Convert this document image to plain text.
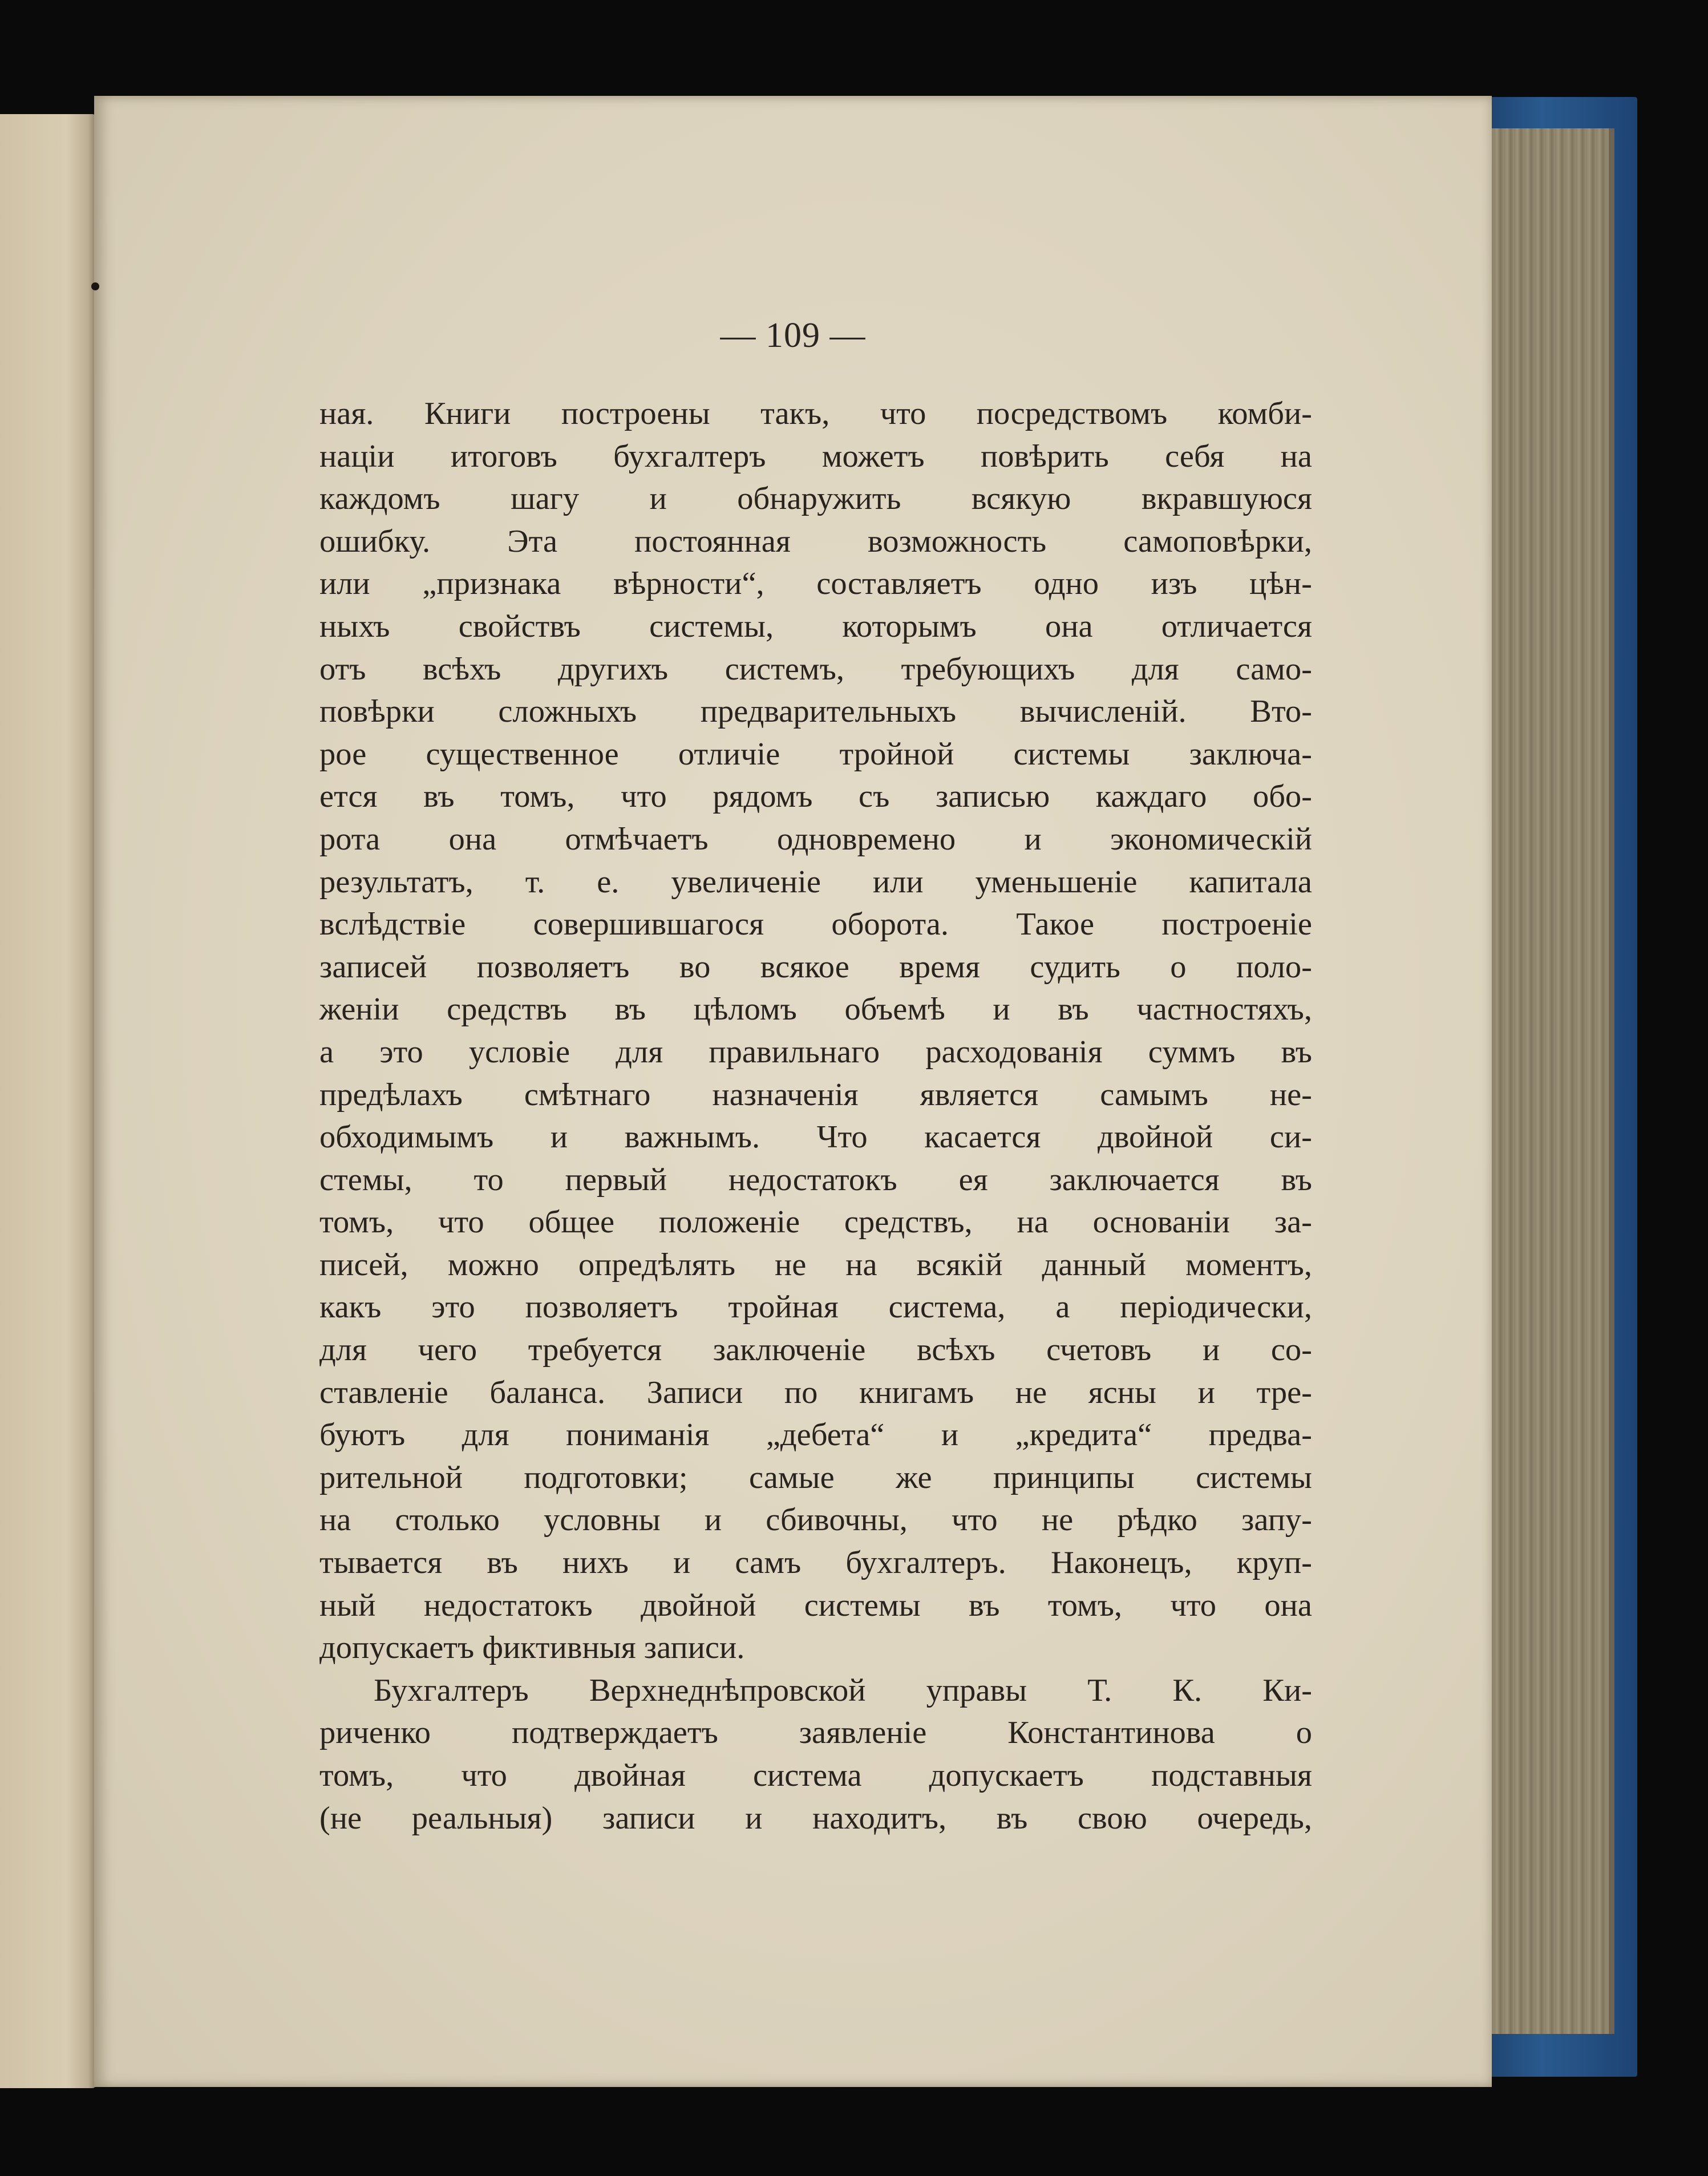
— 109 —
ная. Книги построены такъ, что посредствомъ комби-
націи итоговъ бухгалтеръ можетъ повѣрить себя на
каждомъ шагу и обнаружить всякую вкравшуюся
ошибку. Эта постоянная возможность самоповѣрки,
или „признака вѣрности“, составляетъ одно изъ цѣн-
ныхъ свойствъ системы, которымъ она отличается
отъ всѣхъ другихъ системъ, требующихъ для само-
повѣрки сложныхъ предварительныхъ вычисленій. Вто-
рое существенное отличіе тройной системы заключа-
ется въ томъ, что рядомъ съ записью каждаго обо-
рота она отмѣчаетъ одновремено и экономическій
результатъ, т. е. увеличеніе или уменьшеніе капитала
вслѣдствіе совершившагося оборота. Такое построеніе
записей позволяетъ во всякое время судить о поло-
женіи средствъ въ цѣломъ объемѣ и въ частностяхъ,
а это условіе для правильнаго расходованія суммъ въ
предѣлахъ смѣтнаго назначенія является самымъ не-
обходимымъ и важнымъ. Что касается двойной си-
стемы, то первый недостатокъ ея заключается въ
томъ, что общее положеніе средствъ, на основаніи за-
писей, можно опредѣлять не на всякій данный моментъ,
какъ это позволяетъ тройная система, а періодически,
для чего требуется заключеніе всѣхъ счетовъ и со-
ставленіе баланса. Записи по книгамъ не ясны и тре-
буютъ для пониманія „дебета“ и „кредита“ предва-
рительной подготовки; самые же принципы системы
на столько условны и сбивочны, что не рѣдко запу-
тывается въ нихъ и самъ бухгалтеръ. Наконецъ, круп-
ный недостатокъ двойной системы въ томъ, что она
допускаетъ фиктивныя записи.
Бухгалтеръ Верхнеднѣпровской управы Т. К. Ки-
риченко подтверждаетъ заявленіе Константинова о
томъ, что двойная система допускаетъ подставныя
(не реальныя) записи и находитъ, въ свою очередь,
